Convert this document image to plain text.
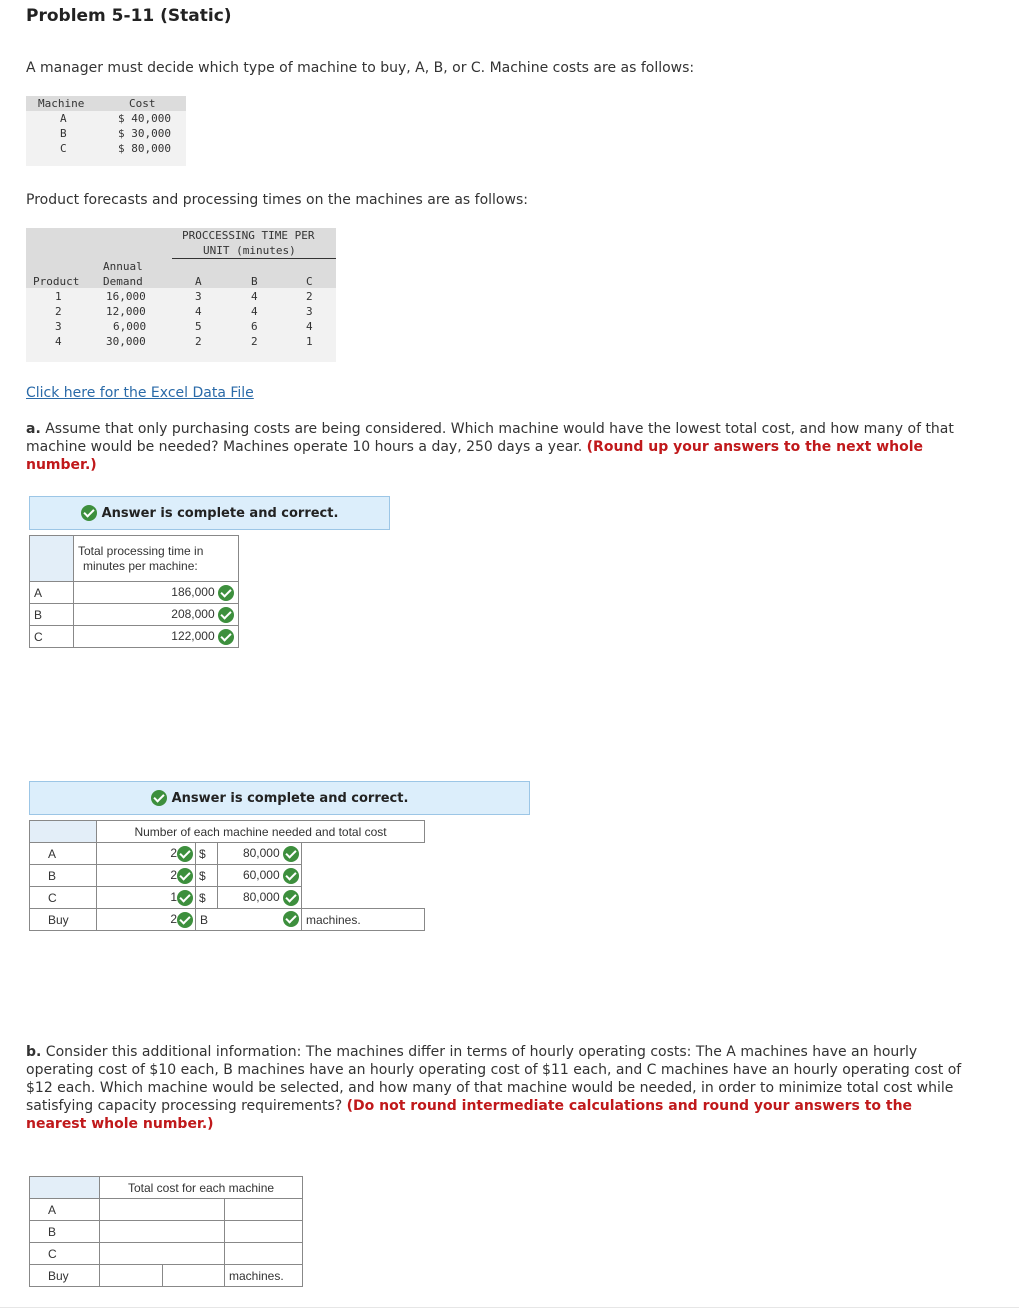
Problem 5-11 (Static)
A manager must decide which type of machine to buy, A, B, or C. Machine costs are as follows:
Machine	Cost
A	$ 40,000
B	$ 30,000
C	$ 80,000
Product forecasts and processing times on the machines are as follows:
PROCCESSING TIME PER
UNIT (minutes)
Annual
Product Demand	A	B	C
1	16,000	3	4	2
2	12,000	4	4	3
3	6,000	5	6	4
4	30,000	2	2	1
Click here for the Excel Data File
a. Assume that only purchasing costs are being considered. Which machine would have the lowest total cost, and how many of that machine would be needed? Machines operate 10 hours a day, 250 days a year. (Round up your answers to the next whole number.)
Answer is complete and correct.

	Total processing time in
minutes per machine:

A	186,000
B	208,000
C	122,000
Answer is complete and correct.
	Number of each machine needed and total cost			
A	2	$	80,000	
B	2	$	60,000	
C	1	$	80,000	
Buy	2	B		machines.
b. Consider this additional information: The machines differ in terms of hourly operating costs: The A machines have an hourly operating cost of $10 each, B machines have an hourly operating cost of $11 each, and C machines have an hourly operating cost of $12 each. Which machine would be selected, and how many of that machine would be needed, in order to minimize total cost while satisfying capacity processing requirements? (Do not round intermediate calculations and round your answers to the nearest whole number.)
	Total cost for each machine		
A			
B			
C			
Buy			machines.
